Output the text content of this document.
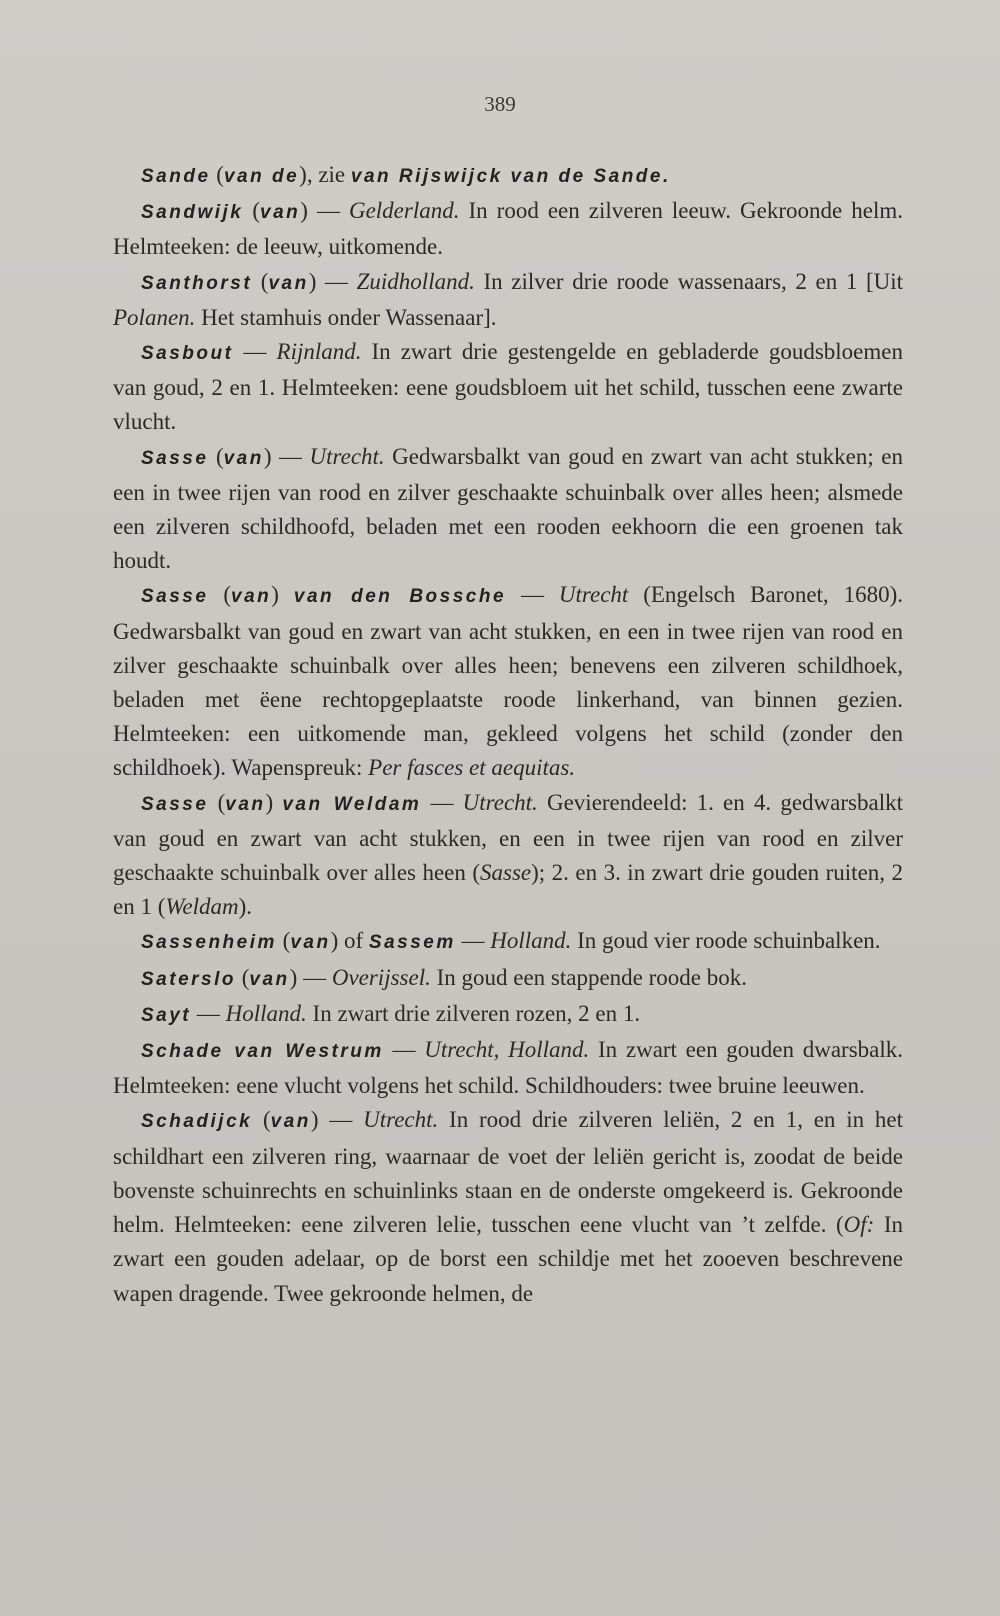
389

Sande (van de), zie van Rijswijck van de Sande.

Sandwijk (van) — Gelderland. In rood een zilveren leeuw. Gekroonde helm. Helmteeken: de leeuw, uitkomende.

Santhorst (van) — Zuidholland. In zilver drie roode wassenaars, 2 en 1 [Uit Polanen. Het stamhuis onder Wassenaar].

Sasbout — Rijnland. In zwart drie gestengelde en gebladerde goudsbloemen van goud, 2 en 1. Helmteeken: eene goudsbloem uit het schild, tusschen eene zwarte vlucht.

Sasse (van) — Utrecht. Gedwarsbalkt van goud en zwart van acht stukken; en een in twee rijen van rood en zilver geschaakte schuinbalk over alles heen; alsmede een zilveren schildhoofd, beladen met een rooden eekhoorn die een groenen tak houdt.

Sasse (van) van den Bossche — Utrecht (Engelsch Baronet, 1680). Gedwarsbalkt van goud en zwart van acht stukken, en een in twee rijen van rood en zilver geschaakte schuinbalk over alles heen; benevens een zilveren schildhoek, beladen met ëene rechtopgeplaatste roode linkerhand, van binnen gezien. Helmteeken: een uitkomende man, gekleed volgens het schild (zonder den schildhoek). Wapenspreuk: Per fasces et aequitas.

Sasse (van) van Weldam — Utrecht. Gevierendeeld: 1. en 4. gedwarsbalkt van goud en zwart van acht stukken, en een in twee rijen van rood en zilver geschaakte schuinbalk over alles heen (Sasse); 2. en 3. in zwart drie gouden ruiten, 2 en 1 (Weldam).

Sassenheim (van) of Sassem — Holland. In goud vier roode schuinbalken.

Saterslo (van) — Overijssel. In goud een stappende roode bok.

Sayt — Holland. In zwart drie zilveren rozen, 2 en 1.

Schade van Westrum — Utrecht, Holland. In zwart een gouden dwarsbalk. Helmteeken: eene vlucht volgens het schild. Schildhouders: twee bruine leeuwen.

Schadijck (van) — Utrecht. In rood drie zilveren leliën, 2 en 1, en in het schildhart een zilveren ring, waarnaar de voet der leliën gericht is, zoodat de beide bovenste schuinrechts en schuinlinks staan en de onderste omgekeerd is. Gekroonde helm. Helmteeken: eene zilveren lelie, tusschen eene vlucht van ’t zelfde. (Of: In zwart een gouden adelaar, op de borst een schildje met het zooeven beschrevene wapen dragende. Twee gekroonde helmen, de
